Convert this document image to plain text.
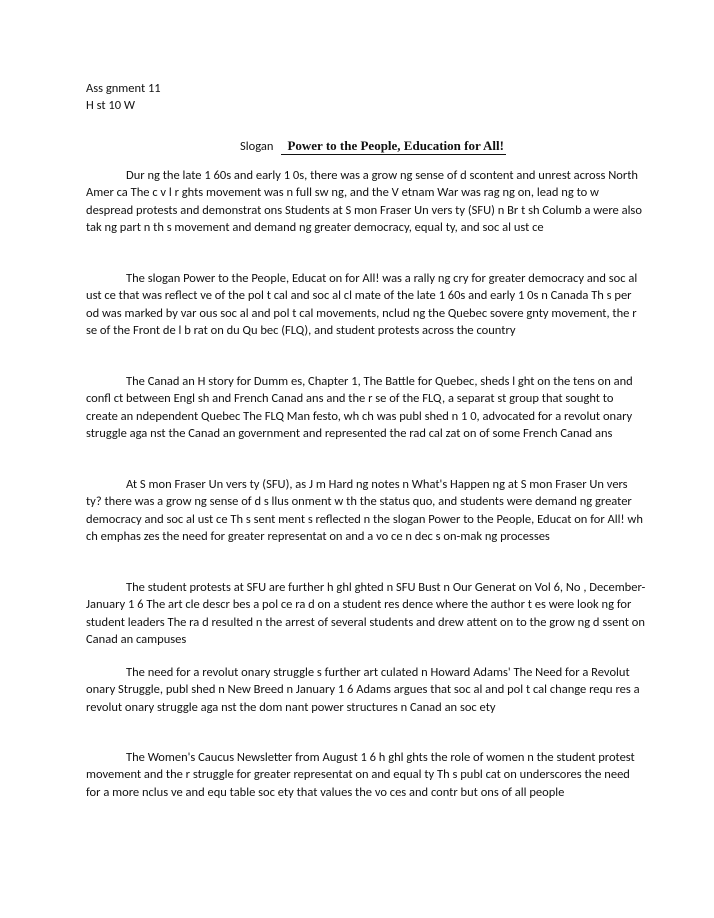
Ass gnment 11
H st 10 W
Slogan Power to the People, Education for All!

Dur ng the late 1 60s and early 1 0s, there was a grow ng sense of d scontent and unrest across North Amer ca The c v l r ghts movement was n full sw ng, and the V etnam War was rag ng on, lead ng to w despread protests and demonstrat ons Students at S mon Fraser Un vers ty (SFU) n Br t sh Columb a were also tak ng part n th s movement and demand ng greater democracy, equal ty, and soc al ust ce

The slogan Power to the People, Educat on for All! was a rally ng cry for greater democracy and soc al ust ce that was reflect ve of the pol t cal and soc al cl mate of the late 1 60s and early 1 0s n Canada Th s per od was marked by var ous soc al and pol t cal movements, nclud ng the Quebec sovere gnty movement, the r se of the Front de l b rat on du Qu bec (FLQ), and student protests across the country

The Canad an H story for Dumm es, Chapter 1, The Battle for Quebec, sheds l ght on the tens on and confl ct between Engl sh and French Canad ans and the r se of the FLQ, a separat st group that sought to create an ndependent Quebec The FLQ Man festo, wh ch was publ shed n 1 0, advocated for a revolut onary struggle aga nst the Canad an government and represented the rad cal zat on of some French Canad ans

At S mon Fraser Un vers ty (SFU), as J m Hard ng notes n What's Happen ng at S mon Fraser Un vers ty? there was a grow ng sense of d s llus onment w th the status quo, and students were demand ng greater democracy and soc al ust ce Th s sent ment s reflected n the slogan Power to the People, Educat on for All! wh ch emphas zes the need for greater representat on and a vo ce n dec s on-mak ng processes

The student protests at SFU are further h ghl ghted n SFU Bust n Our Generat on Vol 6, No , December-January 1 6 The art cle descr bes a pol ce ra d on a student res dence where the author t es were look ng for student leaders The ra d resulted n the arrest of several students and drew attent on to the grow ng d ssent on Canad an campuses

The need for a revolut onary struggle s further art culated n Howard Adams' The Need for a Revolut onary Struggle, publ shed n New Breed n January 1 6 Adams argues that soc al and pol t cal change requ res a revolut onary struggle aga nst the dom nant power structures n Canad an soc ety

The Women's Caucus Newsletter from August 1 6 h ghl ghts the role of women n the student protest movement and the r struggle for greater representat on and equal ty Th s publ cat on underscores the need for a more nclus ve and equ table soc ety that values the vo ces and contr but ons of all people
